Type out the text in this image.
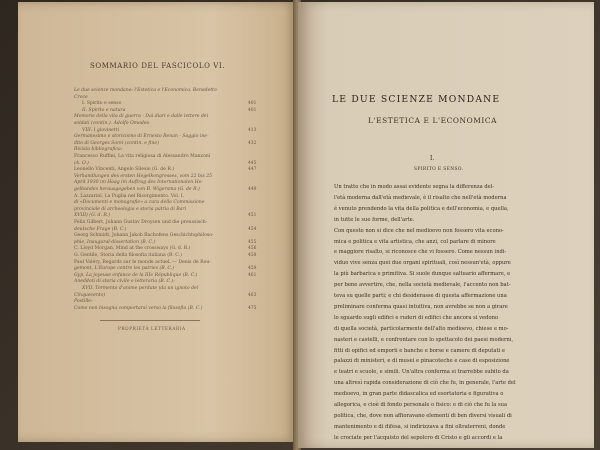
SOMMARIO DEL FASCICOLO VI.
Le due scienze mondane: l'Estetica e l'Economica. Benedetto
Croce
I. Spirito e senso	401
II. Spirito e natura	401
Memorie della vita di guerra - Dai diari e dalle lettere dei
soldati (contin.). Adolfo Omodeo
VIII. I giovinetti	413
Germanesimo e storicismo di Ernesto Renan - Saggio ine-
dito di Georges Sorel (contin. e fine)	432
Rivista bibliografica:
Francesco Ruffini, La vita religiosa di Alessandro Manzoni
(A. O.)	445
Leonello Vincenti, Angelo Silesio (G. de R.)	447
Verhandlungen des ersten Hegelkongresses, vom 22 bis 25
April 1930 im Haag im Auftrag des Internationalen He-
gelbundes herausgegeben von B. Wigersma (G. de R.)	449
A. Lazzarini, La Puglia nel Risorgimento. Vol. I.
di «Documenti e monografie» a cura della Commissione
provinciale di archeologia e storia patria di Bari
XVIII) (G. d. R.)	451
Felix Gilbert, Johann Gustav Droysen und die preussisch-
deutsche Frage (B. C.)	454
Georg Schmidt, Johann Jakob Bachofens Geschichtsphiloso-
phie, Inaugural-dissertation (B. C.)	455
C. Lloyd Morgan, Mind at the crossways (G. d. R.)	456
G. Gentile, Storia della filosofia italiana (B. C.)	458
Paul Valéry, Regards sur le monde actuel. — Denis de Rou-
gemont, L'Europe contre les patries (B. C.)	459
Gyp, La joyeuse enfance de la IIIe République (B. C.)	461
Aneddoti di storia civile e letteraria (B. C.):
XVII. Tormento d'anime perdute (da un ignoto del
Cinquecento)	463
Postille:
Come non bisogna comportarsi verso la filosofia (B. C.)	475
PROPRIETÀ LETTERARIA
LE DUE SCIENZE MONDANE
L'ESTETICA E L'ECONOMICA
I.
SPIRITO E SENSO.
Un tratto che in modo assai evidente segna la differenza del-
l'età moderna dall'età medievale, è il risalto che nell'età moderna
è venuto prendendo la vita della politica e dell'economia, e quella,
in tutte le sue forme, dell'arte.
Con questo non si dice che nel medioevo non fossero vita econo-
mica e politica e vita artistica, che anzi, col parlare di minore
e maggiore risalto, si riconosce che vi fossero. Come nessun indi-
viduo vive senza quei due organi spirituali, così nessun'età, oppure
la più barbarica e primitiva. Si suole dunque saltuario affermare, e
per bene avvertire, che, nella società medievale, l'accento non bat-
teva su quelle parti; e chi desiderasse di questa affermazione una
preliminare conferma quasi intuitiva, non avrebbe se non a girare
lo sguardo sugli edifici e ruderi di edifici che ancora si vedono
di quella società, particolarmente dell'alto medioevo, chiese e mo-
nasteri e castelli, e confrontare con lo spettacolo dei paesi moderni,
fitti di opifici ed emporii e banche e borse e camere di deputati e
palazzi di ministeri, e di musei e pinacoteche e case di esposizione
e teatri e scuole, e simili. Un'altra conferma si trarrebbe subito da
una altresì rapida considerazione di ciò che fu, in generale, l'arte del
medioevo, in gran parte didascalica ed esortatoria e figurativa o
allegorica, e cioè di fondo personale o fisico: e di ciò che fu la sua
politica, che, dove non affioravano elementi di ben diversi visuali di
mantenimento e di difesa, si indirizzava a fini oltraterreni, donde
le crociate per l'acquisto del sepolcro di Cristo e gli accordi e la
